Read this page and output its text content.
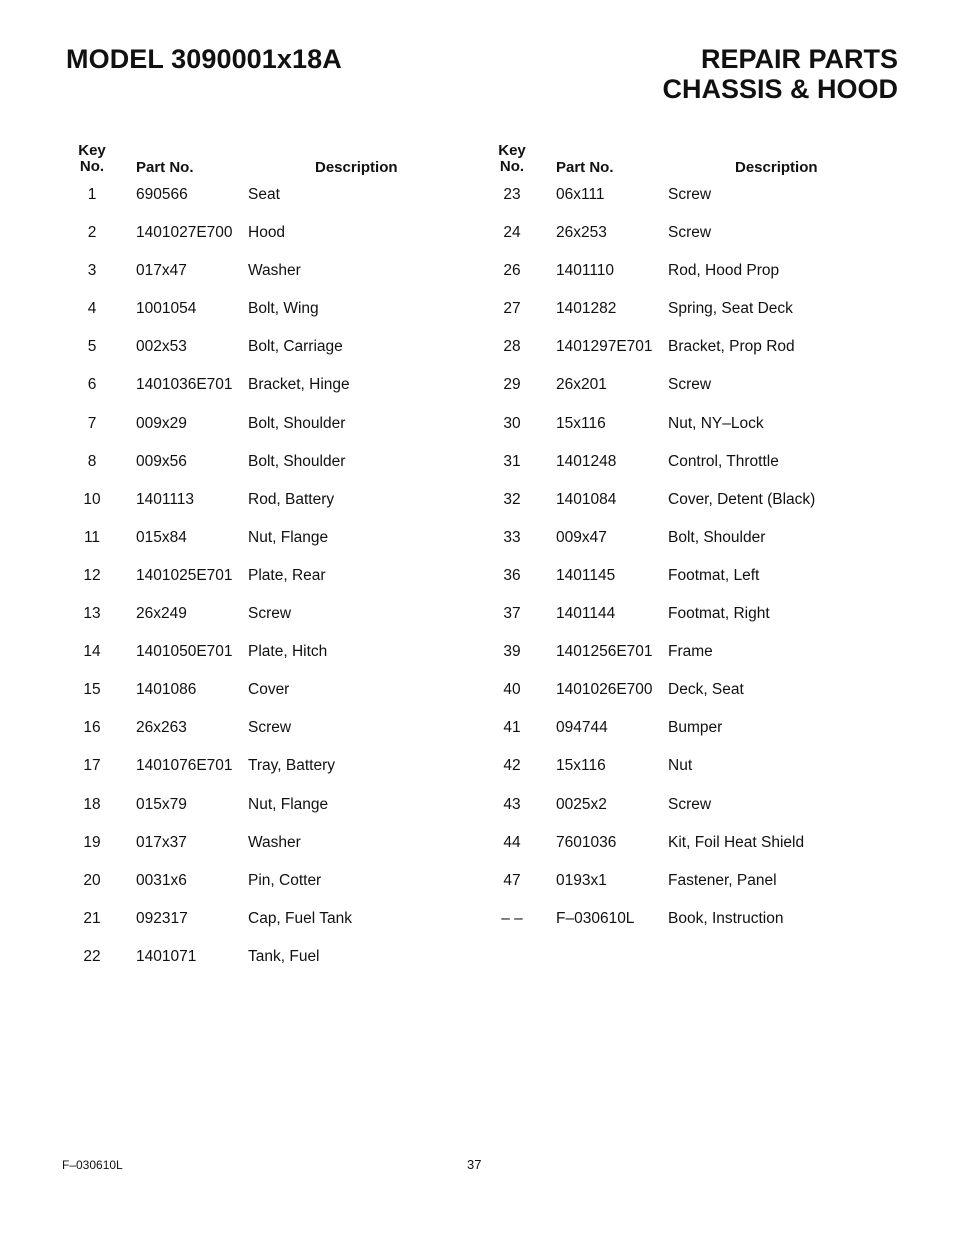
MODEL 3090001x18A	REPAIR PARTS
CHASSIS & HOOD
Key
No.	Part No.	Description
1	690566	Seat
2	1401027E700 Hood
3	017x47	Washer
4	1001054	Bolt, Wing
5	002x53	Bolt, Carriage
6	1401036E701 Bracket, Hinge
7	009x29	Bolt, Shoulder
8	009x56	Bolt, Shoulder
10	1401113	Rod, Battery
11	015x84	Nut, Flange
12	1401025E701 Plate, Rear
13	26x249	Screw
14	1401050E701 Plate, Hitch
15	1401086	Cover
16	26x263	Screw
17	1401076E701 Tray, Battery
18	015x79	Nut, Flange
19	017x37	Washer
20	0031x6	Pin, Cotter
21	092317	Cap, Fuel Tank
22	1401071	Tank, Fuel
Key
No.	Part No.	Description
23	06x111	Screw
24	26x253	Screw
26	1401110	Rod, Hood Prop
27	1401282	Spring, Seat Deck
28	1401297E701 Bracket, Prop Rod
29	26x201	Screw
30	15x116	Nut, NY–Lock
31	1401248	Control, Throttle
32	1401084	Cover, Detent (Black)
33	009x47	Bolt, Shoulder
36	1401145	Footmat, Left
37	1401144	Footmat, Right
39	1401256E701 Frame
40	1401026E700 Deck, Seat
41	094744	Bumper
42	15x116	Nut
43	0025x2	Screw
44	7601036	Kit, Foil Heat Shield
47	0193x1	Fastener, Panel
– –	F–030610L Book, Instruction
F–030610L	37
